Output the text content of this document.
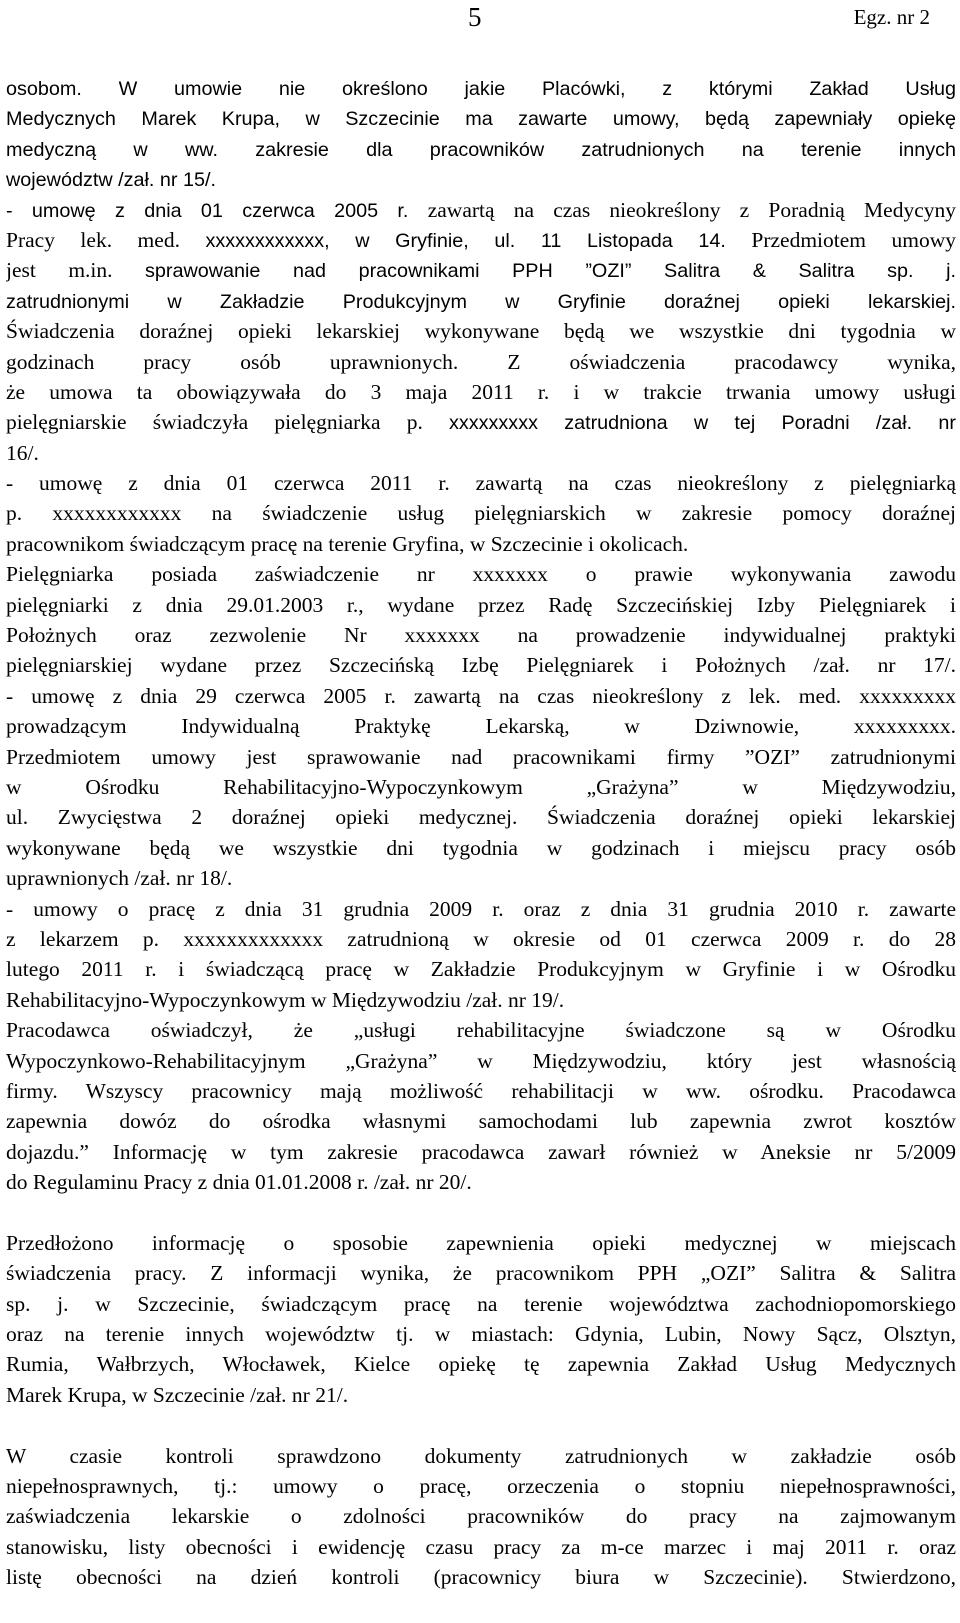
5	Egz. nr 2

osobom. W umowie nie określono jakie Placówki, z którymi Zakład Usług
Medycznych Marek Krupa, w Szczecinie ma zawarte umowy, będą zapewniały opiekę
medyczną w ww. zakresie dla pracowników zatrudnionych na terenie innych
województw /zał. nr 15/.
- umowę z dnia 01 czerwca 2005 r. zawartą na czas nieokreślony z Poradnią Medycyny
Pracy lek. med. xxxxxxxxxxxx, w Gryfinie, ul. 11 Listopada 14. Przedmiotem umowy
jest m.in. sprawowanie nad pracownikami PPH ”OZI” Salitra & Salitra sp. j.
zatrudnionymi w Zakładzie Produkcyjnym w Gryfinie doraźnej opieki lekarskiej.
Świadczenia doraźnej opieki lekarskiej wykonywane będą we wszystkie dni tygodnia w
godzinach pracy osób uprawnionych. Z oświadczenia pracodawcy wynika,
że umowa ta obowiązywała do 3 maja 2011 r. i w trakcie trwania umowy usługi
pielęgniarskie świadczyła pielęgniarka p. xxxxxxxxx zatrudniona w tej Poradni /zał. nr
16/.
- umowę z dnia 01 czerwca 2011 r. zawartą na czas nieokreślony z pielęgniarką
p. xxxxxxxxxxxx na świadczenie usług pielęgniarskich w zakresie pomocy doraźnej
pracownikom świadczącym pracę na terenie Gryfina, w Szczecinie i okolicach.
Pielęgniarka posiada zaświadczenie nr xxxxxxx o prawie wykonywania zawodu
pielęgniarki z dnia 29.01.2003 r., wydane przez Radę Szczecińskiej Izby Pielęgniarek i
Położnych oraz zezwolenie Nr xxxxxxx na prowadzenie indywidualnej praktyki
pielęgniarskiej wydane przez Szczecińską Izbę Pielęgniarek i Położnych /zał. nr 17/.
- umowę z dnia 29 czerwca 2005 r. zawartą na czas nieokreślony z lek. med. xxxxxxxxx
prowadzącym Indywidualną Praktykę Lekarską, w Dziwnowie, xxxxxxxxx.
Przedmiotem umowy jest sprawowanie nad pracownikami firmy ”OZI” zatrudnionymi
w Ośrodku Rehabilitacyjno-Wypoczynkowym „Grażyna” w Międzywodziu,
ul. Zwycięstwa 2 doraźnej opieki medycznej. Świadczenia doraźnej opieki lekarskiej
wykonywane będą we wszystkie dni tygodnia w godzinach i miejscu pracy osób
uprawnionych /zał. nr 18/.
- umowy o pracę z dnia 31 grudnia 2009 r. oraz z dnia 31 grudnia 2010 r. zawarte
z lekarzem p. xxxxxxxxxxxxx zatrudnioną w okresie od 01 czerwca 2009 r. do 28
lutego 2011 r. i świadczącą pracę w Zakładzie Produkcyjnym w Gryfinie i w Ośrodku
Rehabilitacyjno-Wypoczynkowym w Międzywodziu /zał. nr 19/.
Pracodawca oświadczył, że „usługi rehabilitacyjne świadczone są w Ośrodku
Wypoczynkowo-Rehabilitacyjnym „Grażyna” w Międzywodziu, który jest własnością
firmy. Wszyscy pracownicy mają możliwość rehabilitacji w ww. ośrodku. Pracodawca
zapewnia dowóz do ośrodka własnymi samochodami lub zapewnia zwrot kosztów
dojazdu.” Informację w tym zakresie pracodawca zawarł również w Aneksie nr 5/2009
do Regulaminu Pracy z dnia 01.01.2008 r. /zał. nr 20/.
Przedłożono informację o sposobie zapewnienia opieki medycznej w miejscach
świadczenia pracy. Z informacji wynika, że pracownikom PPH „OZI” Salitra & Salitra
sp. j. w Szczecinie, świadczącym pracę na terenie województwa zachodniopomorskiego
oraz na terenie innych województw tj. w miastach: Gdynia, Lubin, Nowy Sącz, Olsztyn,
Rumia, Wałbrzych, Włocławek, Kielce opiekę tę zapewnia Zakład Usług Medycznych
Marek Krupa, w Szczecinie /zał. nr 21/.
W czasie kontroli sprawdzono dokumenty zatrudnionych w zakładzie osób
niepełnosprawnych, tj.: umowy o pracę, orzeczenia o stopniu niepełnosprawności,
zaświadczenia lekarskie o zdolności pracowników do pracy na zajmowanym
stanowisku, listy obecności i ewidencję czasu pracy za m-ce marzec i maj 2011 r. oraz
listę obecności na dzień kontroli (pracownicy biura w Szczecinie). Stwierdzono,
